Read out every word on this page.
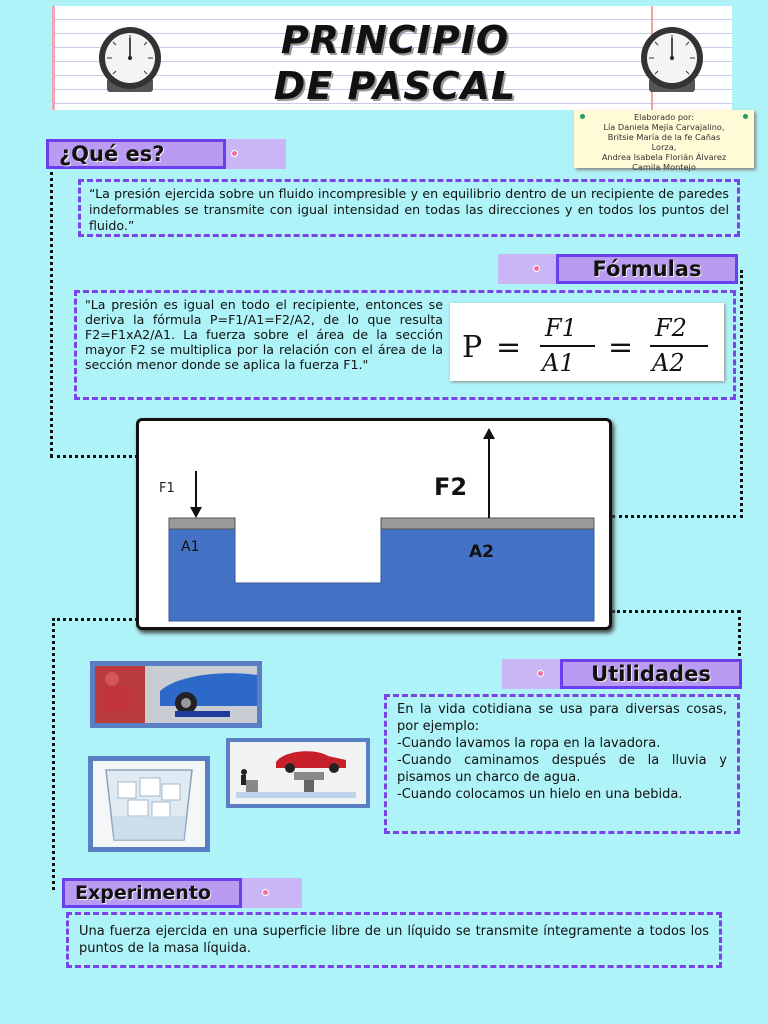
PRINCIPIO
DE PASCAL
Elaborado por:
Lía Daniela Mejía Carvajalino,
Britsie María de la fe Cañas
Lorza,
Andrea Isabela Florián Álvarez
Camila Montejo
¿Qué es?
“La presión ejercida sobre un fluido incompresible y en equilibrio dentro de un recipiente de paredes indeformables se transmite con igual intensidad en todas las direcciones y en todos los puntos del fluido.”
Fórmulas
"La presión es igual en todo el recipiente, entonces se deriva la fórmula P=F1/A1=F2/A2, de lo que resulta F2=F1xA2/A1. La fuerza sobre el área de la sección mayor F2 se multiplica por la relación con el área de la sección menor donde se aplica la fuerza F1."	P =
F1
A1 =
F2
A2
F1
A1
F2
A2
Utilidades
En la vida cotidiana se usa para diversas cosas, por ejemplo:
-Cuando lavamos la ropa en la lavadora.
-Cuando caminamos después de la lluvia y pisamos un charco de agua.
-Cuando colocamos un hielo en una bebida.
Experimento
Una fuerza ejercida en una superficie libre de un líquido se transmite íntegramente a todos los puntos de la masa líquida.
